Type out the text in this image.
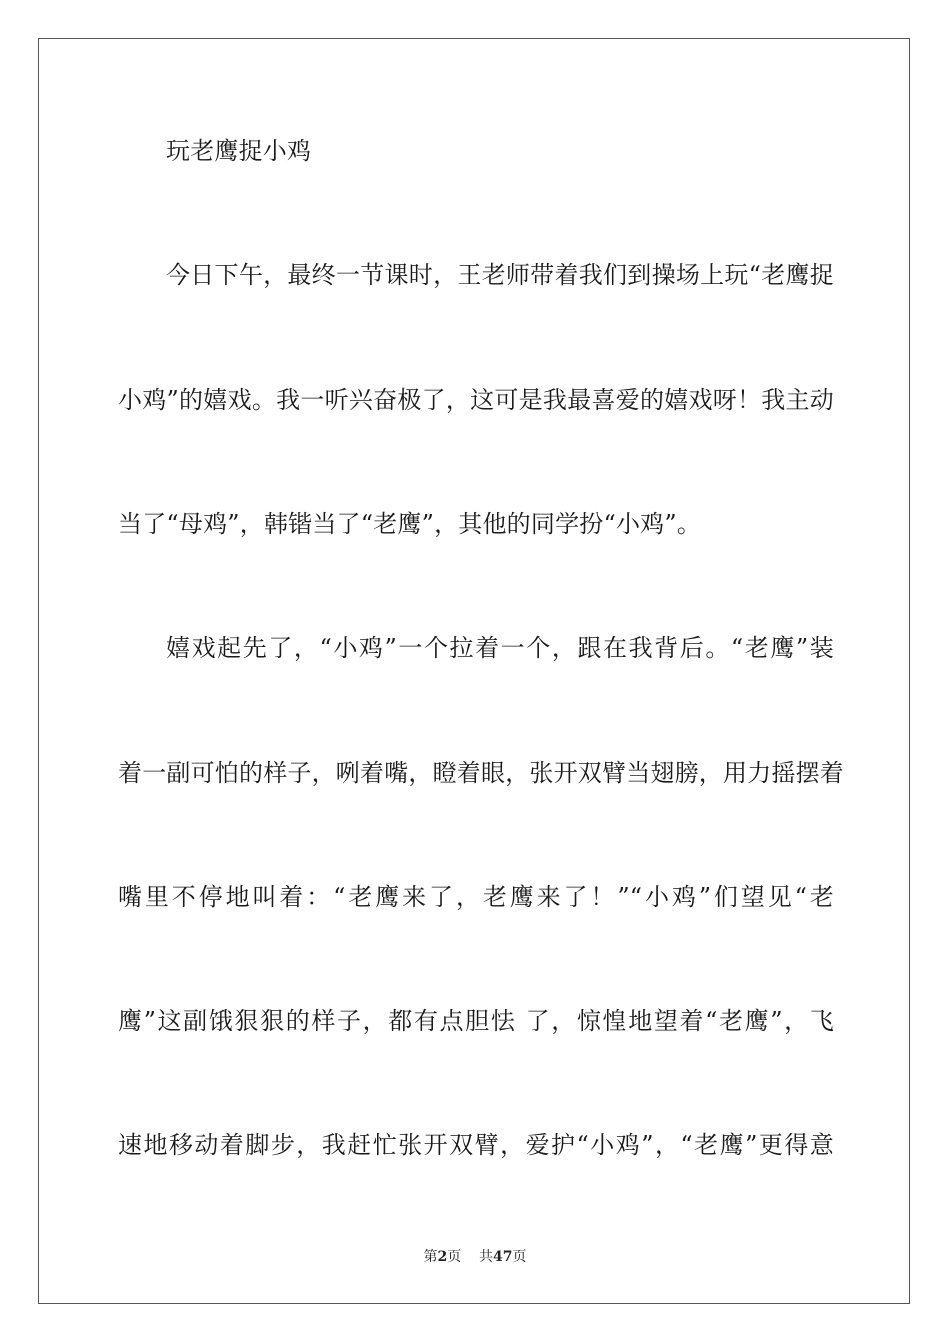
玩老鹰捉小鸡
今日下午，最终一节课时，王老师带着我们到操场上玩“老鹰捉
小鸡”的嬉戏。我一听兴奋极了，这可是我最喜爱的嬉戏呀！我主动
当了“母鸡”，韩锴当了“老鹰”，其他的同学扮“小鸡”。
嬉戏起先了，“小鸡”一个拉着一个，跟在我背后。“老鹰”装
着一副可怕的样子，咧着嘴，瞪着眼，张开双臂当翅膀，用力摇摆着
嘴里不停地叫着：“老鹰来了，老鹰来了！”“小鸡”们望见“老
鹰”这副饿狠狠的样子，都有点胆怯 了，惊惶地望着“老鹰”，飞
速地移动着脚步，我赶忙张开双臂，爱护“小鸡”，“老鹰”更得意
第2页 共47页
